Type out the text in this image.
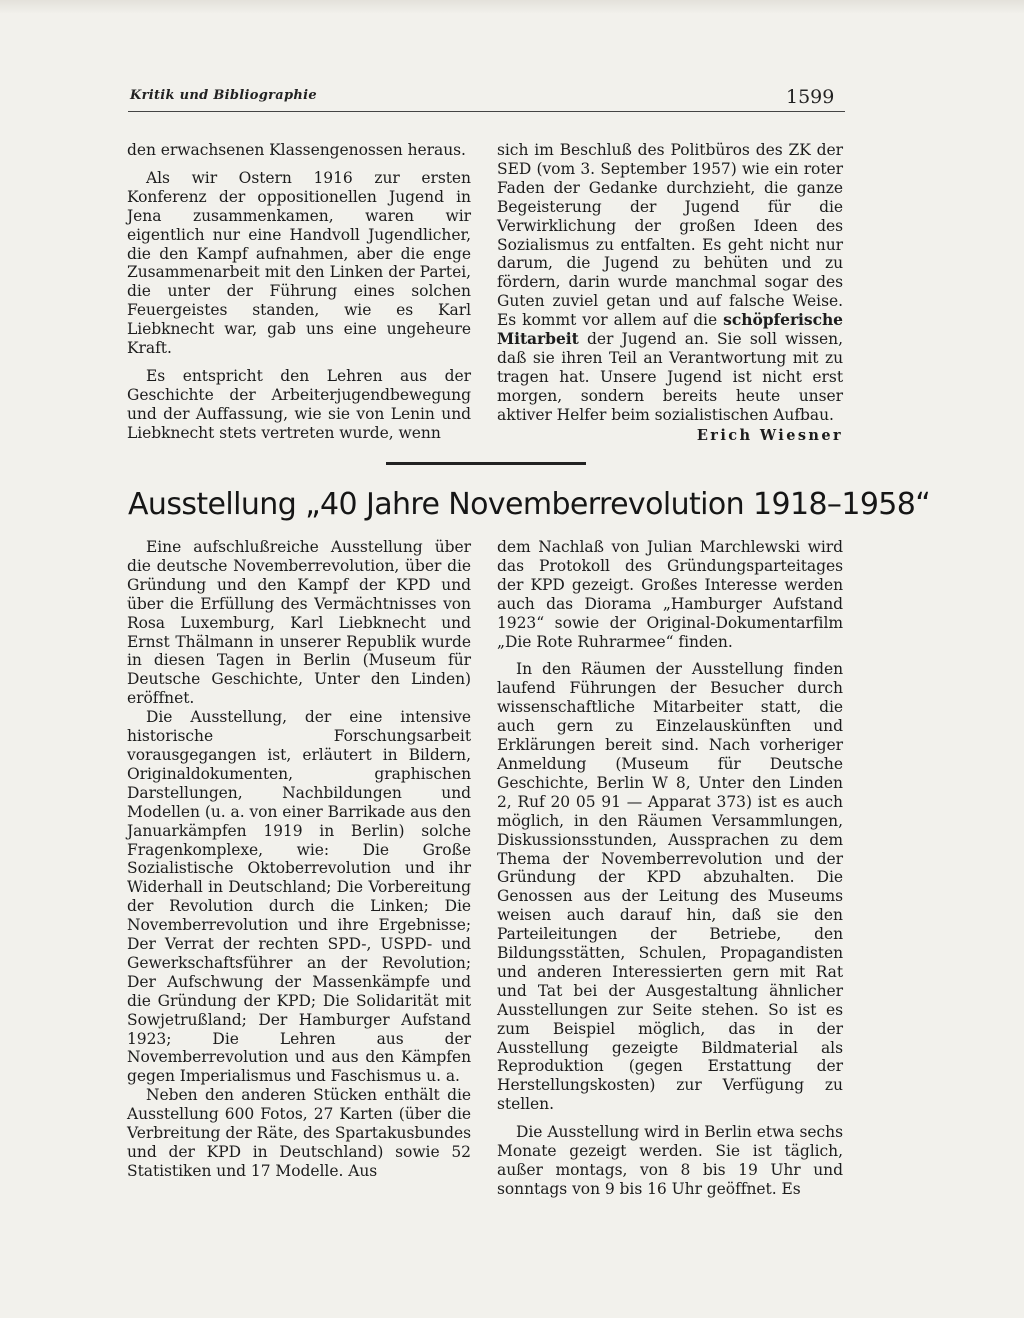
Kritik und Bibliographie	1599

den erwachsenen Klassengenossen heraus.

Als wir Ostern 1916 zur ersten Konferenz der oppositionellen Jugend in Jena zusammenkamen, waren wir eigentlich nur eine Handvoll Jugendlicher, die den Kampf aufnahmen, aber die enge Zusammenarbeit mit den Linken der Partei, die unter der Führung eines solchen Feuergeistes standen, wie es Karl Liebknecht war, gab uns eine ungeheure Kraft.

Es entspricht den Lehren aus der Geschichte der Arbeiterjugendbewegung und der Auffassung, wie sie von Lenin und Liebknecht stets vertreten wurde, wenn

sich im Beschluß des Politbüros des ZK der SED (vom 3. September 1957) wie ein roter Faden der Gedanke durchzieht, die ganze Begeisterung der Jugend für die Verwirklichung der großen Ideen des Sozialismus zu entfalten. Es geht nicht nur darum, die Jugend zu behüten und zu fördern, darin wurde manchmal sogar des Guten zuviel getan und auf falsche Weise. Es kommt vor allem auf die schöpferische Mitarbeit der Jugend an. Sie soll wissen, daß sie ihren Teil an Verantwortung mit zu tragen hat. Unsere Jugend ist nicht erst morgen, sondern bereits heute unser aktiver Helfer beim sozialistischen Aufbau.

Erich Wiesner
Ausstellung „40 Jahre Novemberrevolution 1918–1958“

Eine aufschlußreiche Ausstellung über die deutsche Novemberrevolution, über die Gründung und den Kampf der KPD und über die Erfüllung des Vermächtnisses von Rosa Luxemburg, Karl Liebknecht und Ernst Thälmann in unserer Republik wurde in diesen Tagen in Berlin (Museum für Deutsche Geschichte, Unter den Linden) eröffnet.

Die Ausstellung, der eine intensive historische Forschungsarbeit vorausgegangen ist, erläutert in Bildern, Originaldokumenten, graphischen Darstellungen, Nachbildungen und Modellen (u. a. von einer Barrikade aus den Januarkämpfen 1919 in Berlin) solche Fragenkomplexe, wie: Die Große Sozialistische Oktoberrevolution und ihr Widerhall in Deutschland; Die Vorbereitung der Revolution durch die Linken; Die Novemberrevolution und ihre Ergebnisse; Der Verrat der rechten SPD-, USPD- und Gewerkschaftsführer an der Revolution; Der Aufschwung der Massenkämpfe und die Gründung der KPD; Die Solidarität mit Sowjetrußland; Der Hamburger Aufstand 1923; Die Lehren aus der Novemberrevolution und aus den Kämpfen gegen Imperialismus und Faschismus u. a.

Neben den anderen Stücken enthält die Ausstellung 600 Fotos, 27 Karten (über die Verbreitung der Räte, des Spartakusbundes und der KPD in Deutschland) sowie 52 Statistiken und 17 Modelle. Aus

dem Nachlaß von Julian Marchlewski wird das Protokoll des Gründungsparteitages der KPD gezeigt. Großes Interesse werden auch das Diorama „Hamburger Aufstand 1923“ sowie der Original-Dokumentarfilm „Die Rote Ruhrarmee“ finden.

In den Räumen der Ausstellung finden laufend Führungen der Besucher durch wissenschaftliche Mitarbeiter statt, die auch gern zu Einzelauskünften und Erklärungen bereit sind. Nach vorheriger Anmeldung (Museum für Deutsche Geschichte, Berlin W 8, Unter den Linden 2, Ruf 20 05 91 — Apparat 373) ist es auch möglich, in den Räumen Versammlungen, Diskussionsstunden, Aussprachen zu dem Thema der Novemberrevolution und der Gründung der KPD abzuhalten. Die Genossen aus der Leitung des Museums weisen auch darauf hin, daß sie den Parteileitungen der Betriebe, den Bildungsstätten, Schulen, Propagandisten und anderen Interessierten gern mit Rat und Tat bei der Ausgestaltung ähnlicher Ausstellungen zur Seite stehen. So ist es zum Beispiel möglich, das in der Ausstellung gezeigte Bildmaterial als Reproduktion (gegen Erstattung der Herstellungskosten) zur Verfügung zu stellen.

Die Ausstellung wird in Berlin etwa sechs Monate gezeigt werden. Sie ist täglich, außer montags, von 8 bis 19 Uhr und sonntags von 9 bis 16 Uhr geöffnet. Es
